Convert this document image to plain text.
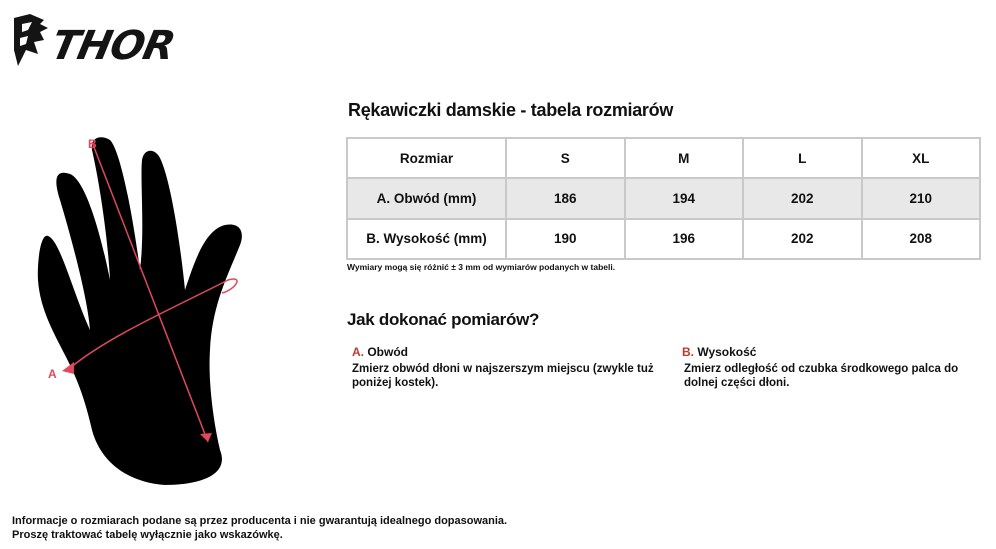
THOR
B
A
Rękawiczki damskie - tabela rozmiarów
Rozmiar	S	M	L	XL
A. Obwód (mm)	186	194	202	210
B. Wysokość (mm)	190	196	202	208
Wymiary mogą się różnić ± 3 mm od wymiarów podanych w tabeli.
Jak dokonać pomiarów?
A. Obwód
Zmierz obwód dłoni w najszerszym miejscu (zwykle tuż
poniżej kostek).
B. Wysokość
Zmierz odległość od czubka środkowego palca do
dolnej części dłoni.
Informacje o rozmiarach podane są przez producenta i nie gwarantują idealnego dopasowania.
Proszę traktować tabelę wyłącznie jako wskazówkę.
